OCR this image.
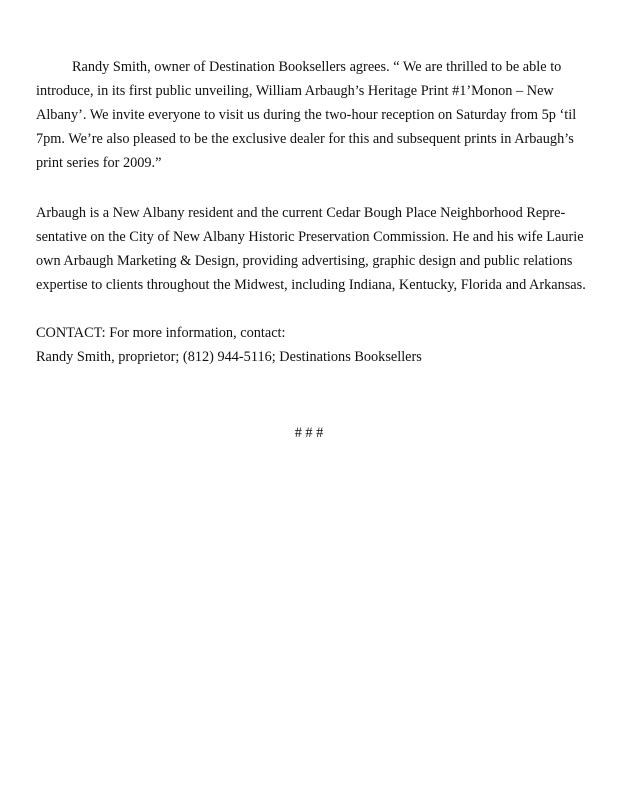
Randy Smith, owner of Destination Booksellers agrees. “ We are thrilled to be able to
introduce, in its first public unveiling, William Arbaugh’s Heritage Print #1’Monon – New
Albany’. We invite everyone to visit us during the two-hour reception on Saturday from 5p ‘til
7pm. We’re also pleased to be the exclusive dealer for this and subsequent prints in Arbaugh’s
print series for 2009.”
Arbaugh is a New Albany resident and the current Cedar Bough Place Neighborhood Repre-
sentative on the City of New Albany Historic Preservation Commission. He and his wife Laurie
own Arbaugh Marketing & Design, providing advertising, graphic design and public relations
expertise to clients throughout the Midwest, including Indiana, Kentucky, Florida and Arkansas.
CONTACT: For more information, contact:
Randy Smith, proprietor; (812) 944-5116; Destinations Booksellers
# # #
